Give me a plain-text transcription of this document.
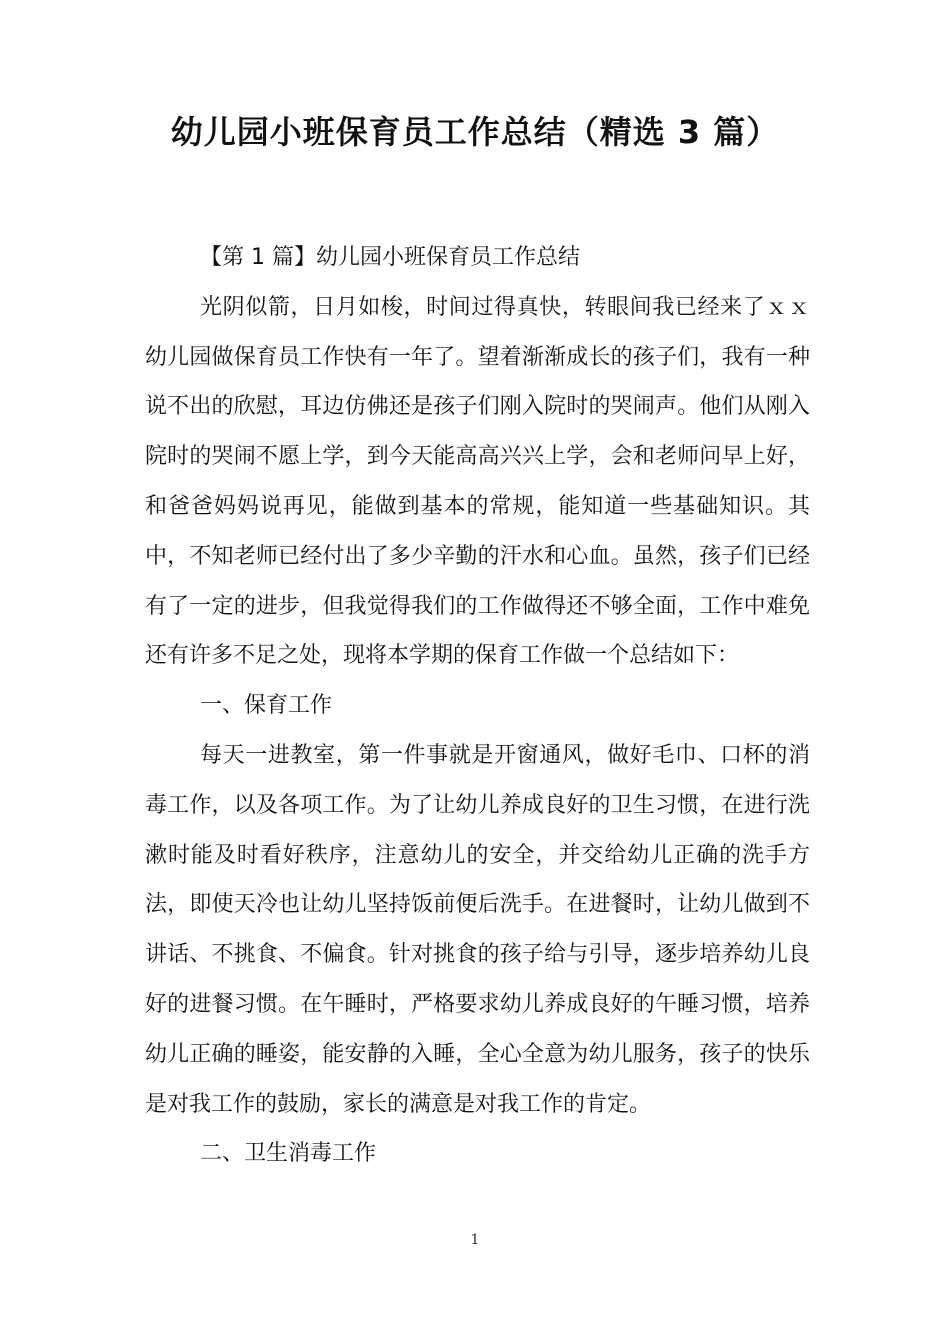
幼儿园小班保育员工作总结（精选 3 篇）

【第 1 篇】幼儿园小班保育员工作总结

光阴似箭，日月如梭，时间过得真快，转眼间我已经来了ｘｘ幼儿园做保育员工作快有一年了。望着渐渐成长的孩子们，我有一种说不出的欣慰，耳边仿佛还是孩子们刚入院时的哭闹声。他们从刚入院时的哭闹不愿上学，到今天能高高兴兴上学，会和老师问早上好，和爸爸妈妈说再见，能做到基本的常规，能知道一些基础知识。其中，不知老师已经付出了多少辛勤的汗水和心血。虽然，孩子们已经有了一定的进步，但我觉得我们的工作做得还不够全面，工作中难免还有许多不足之处，现将本学期的保育工作做一个总结如下：

一、保育工作

每天一进教室，第一件事就是开窗通风，做好毛巾、口杯的消毒工作，以及各项工作。为了让幼儿养成良好的卫生习惯，在进行洗漱时能及时看好秩序，注意幼儿的安全，并交给幼儿正确的洗手方法，即使天冷也让幼儿坚持饭前便后洗手。在进餐时，让幼儿做到不讲话、不挑食、不偏食。针对挑食的孩子给与引导，逐步培养幼儿良好的进餐习惯。在午睡时，严格要求幼儿养成良好的午睡习惯，培养幼儿正确的睡姿，能安静的入睡，全心全意为幼儿服务，孩子的快乐是对我工作的鼓励，家长的满意是对我工作的肯定。

二、卫生消毒工作

1
